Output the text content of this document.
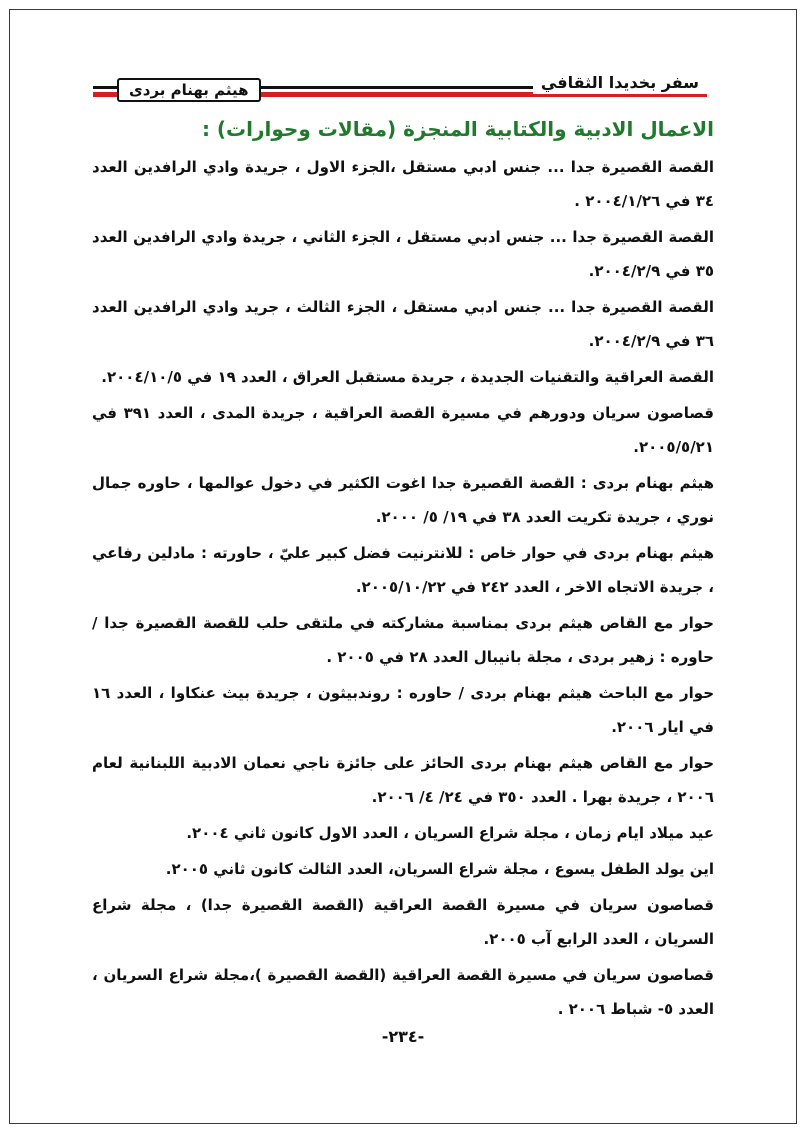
هيثم بهنام بردى	سفر بخديدا الثقافي
الاعمال الادبية والكتابية المنجزة (مقالات وحوارات) :

القصة القصيرة جدا ... جنس ادبي مستقل ،الجزء الاول ، جريدة وادي الرافدين العدد ٣٤ في ٢٠٠٤/١/٢٦ .

القصة القصيرة جدا ... جنس ادبي مستقل ، الجزء الثاني ، جريدة وادي الرافدين العدد ٣٥ في ٢٠٠٤/٢/٩.

القصة القصيرة جدا ... جنس ادبي مستقل ، الجزء الثالث ، جريد وادي الرافدين العدد ٣٦ في ٢٠٠٤/٢/٩.

القصة العراقية والتقنيات الجديدة ، جريدة مستقبل العراق ، العدد ١٩ في ٢٠٠٤/١٠/٥.

قصاصون سريان ودورهم في مسيرة القصة العراقية ، جريدة المدى ، العدد ٣٩١ في ٢٠٠٥/٥/٢١.

هيثم بهنام بردى : القصة القصيرة جدا اغوت الكثير في دخول عوالمها ، حاوره جمال نوري ، جريدة تكريت العدد ٣٨ في ١٩/ ٥/ ٢٠٠٠.

هيثم بهنام بردى في حوار خاص : للانترنيت فضل كبير عليّ ، حاورته : مادلين رفاعي ، جريدة الاتجاه الاخر ، العدد ٢٤٢ في ٢٠٠٥/١٠/٢٢.

حوار مع القاص هيثم بردى بمناسبة مشاركته في ملتقى حلب للقصة القصيرة جدا / حاوره : زهير بردى ، مجلة بانيبال العدد ٢٨ في ٢٠٠٥ .

حوار مع الباحث هيثم بهنام بردى / حاوره : روندبيثون ، جريدة بيث عنكاوا ، العدد ١٦ في ايار ٢٠٠٦.

حوار مع القاص هيثم بهنام بردى الحائز على جائزة ناجي نعمان الادبية اللبنانية لعام ٢٠٠٦ ، جريدة بهرا . العدد ٣٥٠ في ٢٤/ ٤/ ٢٠٠٦.

عيد ميلاد ايام زمان ، مجلة شراع السريان ، العدد الاول كانون ثاني ٢٠٠٤.

اين يولد الطفل يسوع ، مجلة شراع السريان، العدد الثالث كانون ثاني ٢٠٠٥.

قصاصون سريان في مسيرة القصة العراقية (القصة القصيرة جدا) ، مجلة شراع السريان ، العدد الرابع آب ٢٠٠٥.

قصاصون سريان في مسيرة القصة العراقية (القصة القصيرة )،مجلة شراع السريان ، العدد ٥- شباط ٢٠٠٦ .

-٢٣٤-
